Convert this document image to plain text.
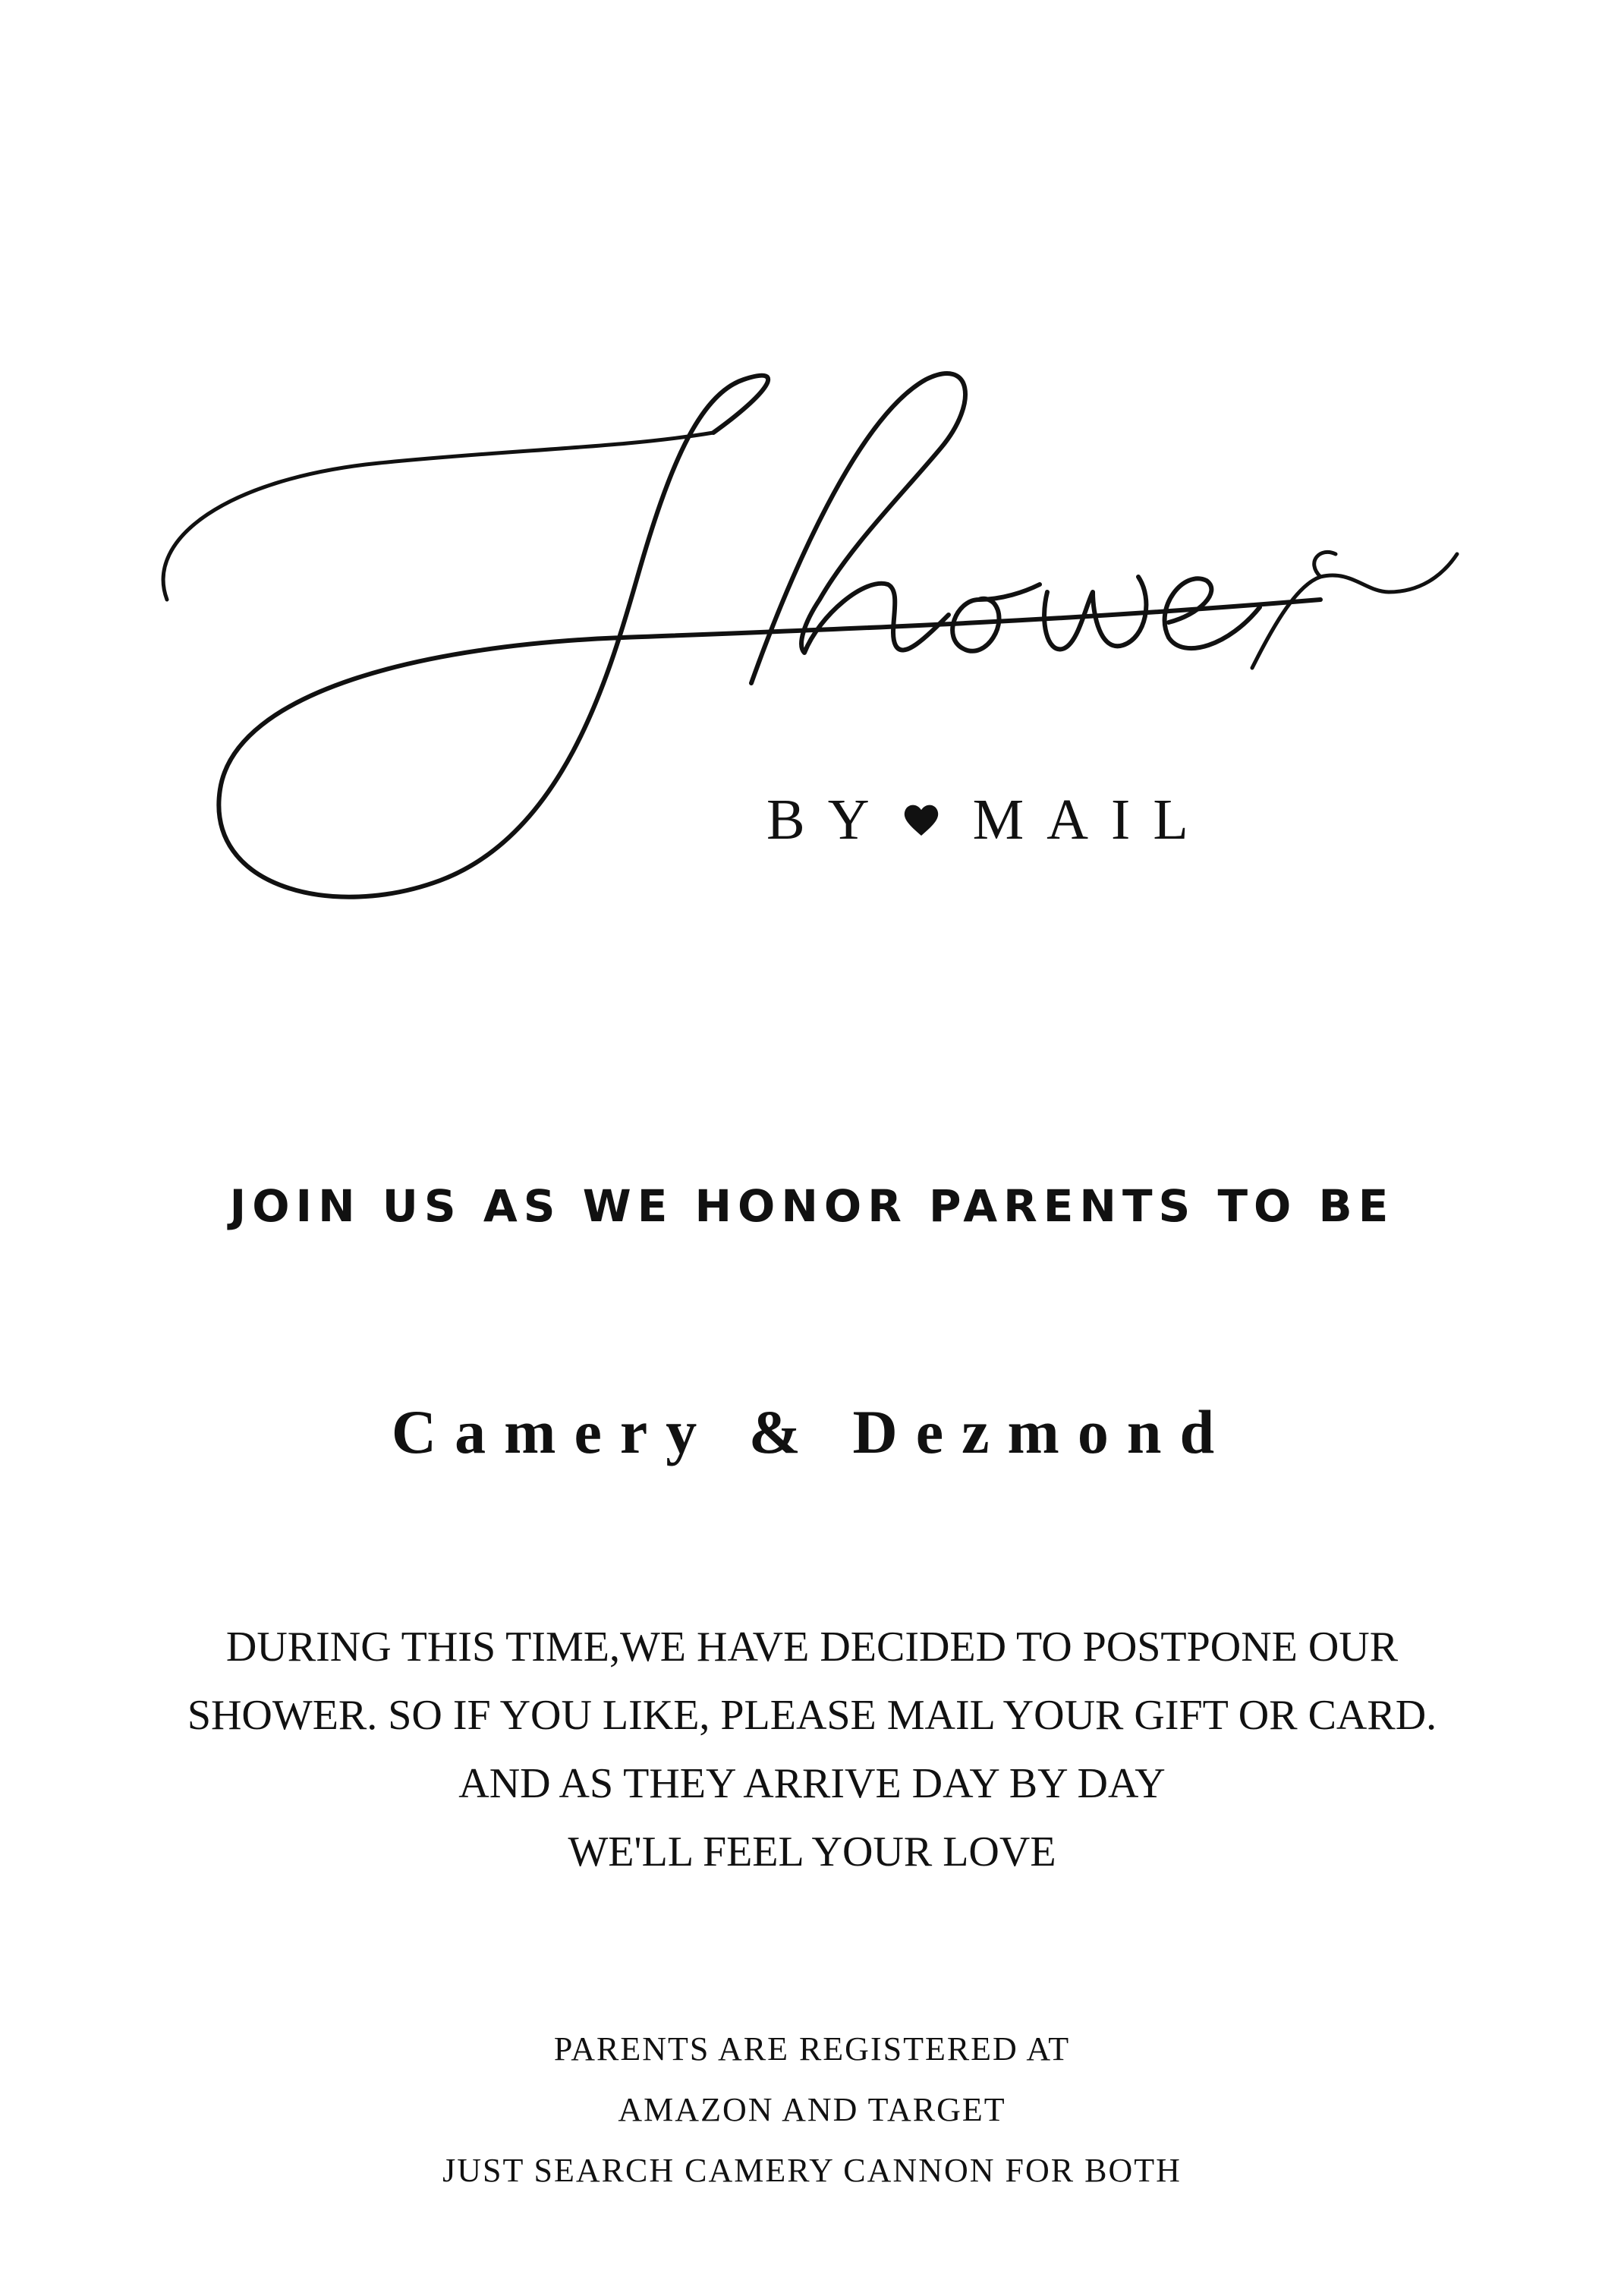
BY MAIL
JOIN US AS WE HONOR PARENTS TO BE
Camery & Dezmond
DURING THIS TIME,WE HAVE DECIDED TO POSTPONE OUR
SHOWER. SO IF YOU LIKE, PLEASE MAIL YOUR GIFT OR CARD.
AND AS THEY ARRIVE DAY BY DAY
WE'LL FEEL YOUR LOVE
PARENTS ARE REGISTERED AT
AMAZON AND TARGET
JUST SEARCH CAMERY CANNON FOR BOTH
